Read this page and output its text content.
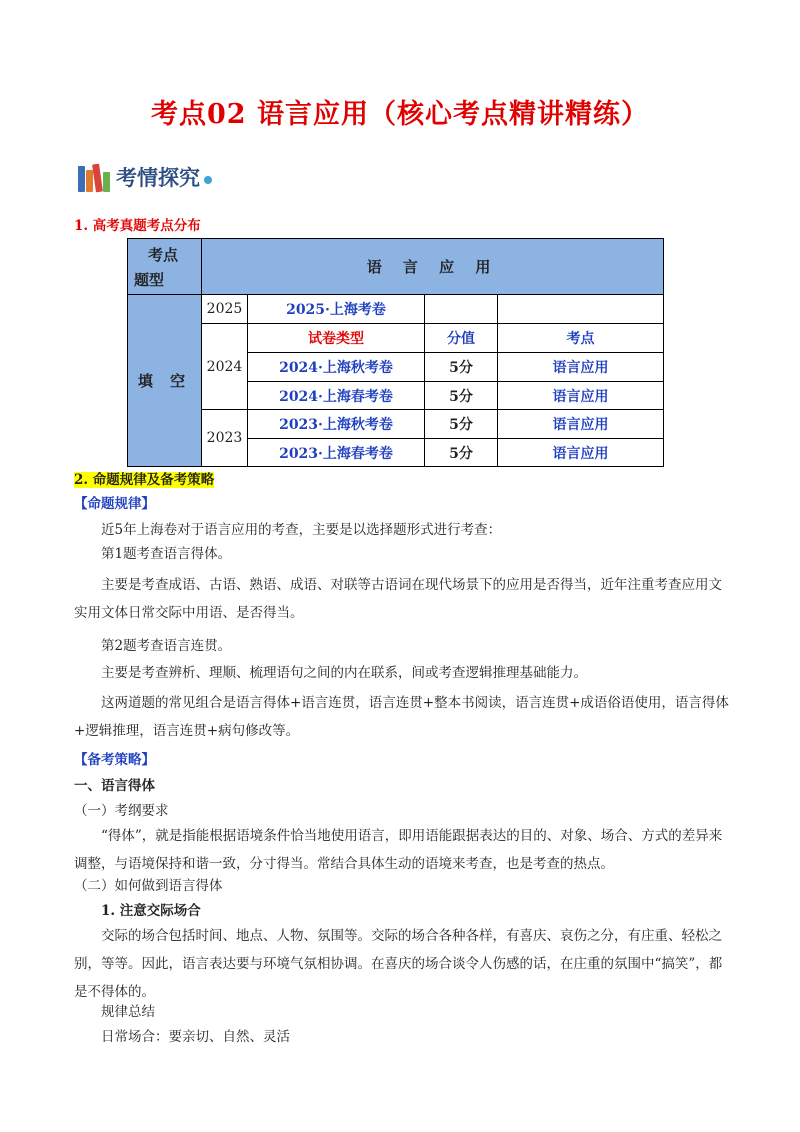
考点02 语言应用（核心考点精讲精练）
考情探究
1. 高考真题考点分布
考点
题型	语 言 应 用			
填 空	2025	2025·上海考卷		
	2024	试卷类型	分值	考点
		2024·上海秋考卷	5分	语言应用
		2024·上海春考卷	5分	语言应用
	2023	2023·上海秋考卷	5分	语言应用
		2023·上海春考卷	5分	语言应用
2. 命题规律及备考策略
【命题规律】
近5年上海卷对于语言应用的考查，主要是以选择题形式进行考查：
第1题考查语言得体。
主要是考查成语、古语、熟语、成语、对联等古语词在现代场景下的应用是否得当，近年注重考查应用文实用文体日常交际中用语、是否得当。
第2题考查语言连贯。
主要是考查辨析、理顺、梳理语句之间的内在联系，间或考查逻辑推理基础能力。
这两道题的常见组合是语言得体+语言连贯，语言连贯+整本书阅读，语言连贯+成语俗语使用，语言得体+逻辑推理，语言连贯+病句修改等。
【备考策略】
一、语言得体
（一）考纲要求
“得体”，就是指能根据语境条件恰当地使用语言，即用语能跟据表达的目的、对象、场合、方式的差异来调整，与语境保持和谐一致，分寸得当。常结合具体生动的语境来考查，也是考查的热点。
（二）如何做到语言得体
1. 注意交际场合
交际的场合包括时间、地点、人物、氛围等。交际的场合各种各样，有喜庆、哀伤之分，有庄重、轻松之别，等等。因此，语言表达要与环境气氛相协调。在喜庆的场合谈令人伤感的话，在庄重的氛围中“搞笑”，都是不得体的。
规律总结
日常场合：要亲切、自然、灵活
